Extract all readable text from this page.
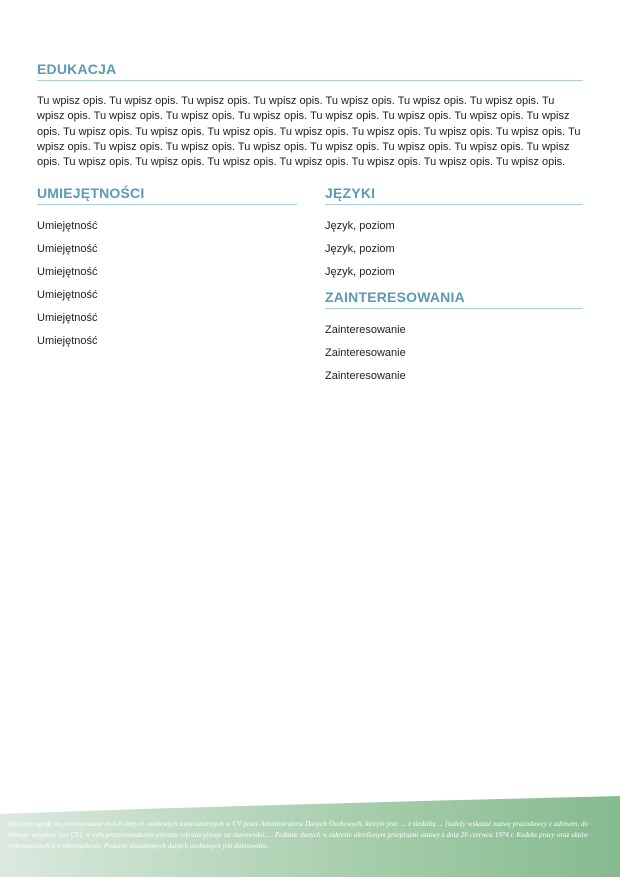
EDUKACJA
Tu wpisz opis. Tu wpisz opis. Tu wpisz opis. Tu wpisz opis. Tu wpisz opis. Tu wpisz opis. Tu wpisz opis. Tu wpisz opis. Tu wpisz opis. Tu wpisz opis. Tu wpisz opis. Tu wpisz opis. Tu wpisz opis. Tu wpisz opis. Tu wpisz opis. Tu wpisz opis. Tu wpisz opis. Tu wpisz opis. Tu wpisz opis. Tu wpisz opis. Tu wpisz opis. Tu wpisz opis. Tu wpisz opis. Tu wpisz opis. Tu wpisz opis. Tu wpisz opis. Tu wpisz opis. Tu wpisz opis. Tu wpisz opis. Tu wpisz opis. Tu wpisz opis. Tu wpisz opis. Tu wpisz opis. Tu wpisz opis. Tu wpisz opis. Tu wpisz opis. Tu wpisz opis.
UMIEJĘTNOŚCI
Umiejętność
Umiejętność
Umiejętność
Umiejętność
Umiejętność
Umiejętność
JĘZYKI
Język, poziom
Język, poziom
Język, poziom
ZAINTERESOWANIA
Zainteresowanie
Zainteresowanie
Zainteresowanie
Wyrażam zgodę na przetwarzanie moich danych osobowych zamieszczonych w CV przez Administratora Danych Osobowych, którym jest: ... z siedzibą ... [należy wskazać nazwę pracodawcy z adresem, do którego wysyłane jest CV], w celu przeprowadzenia procesu rekrutacyjnego na stanowisko... . Podanie danych w zakresie określonym przepisami ustawy z dnia 26 czerwca 1974 r. Kodeks pracy oraz aktów wykonawczych jest obowiązkowe. Podanie dodatkowych danych osobowych jest dobrowolne.
